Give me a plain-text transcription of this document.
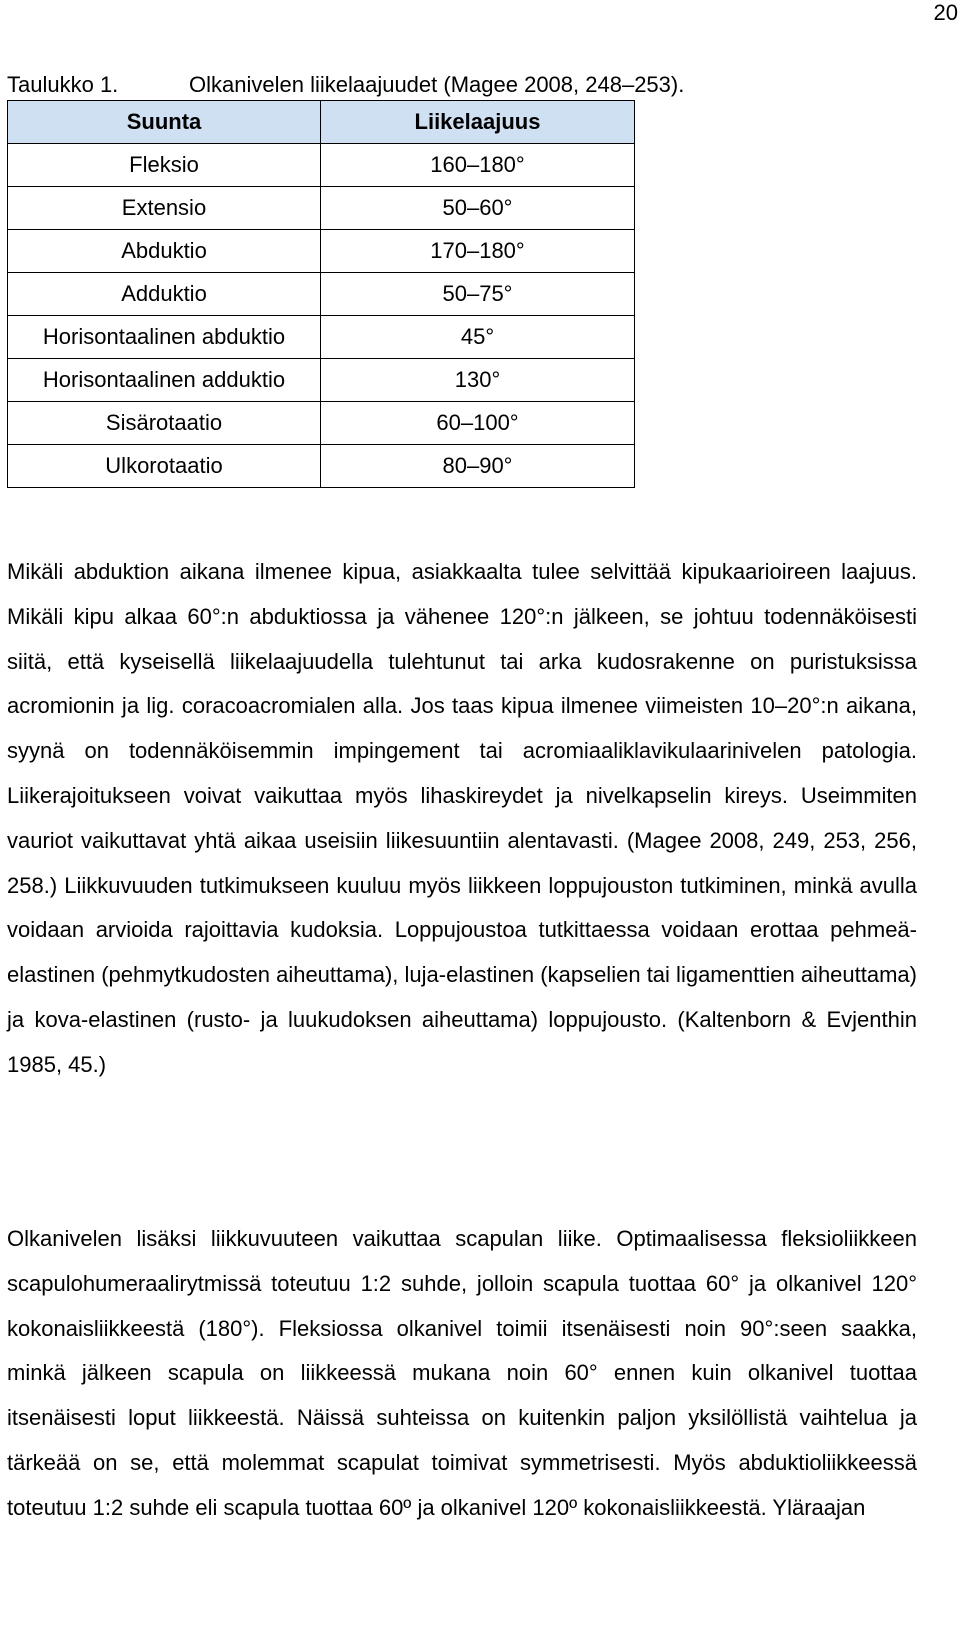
20
Taulukko 1.	Olkanivelen liikelaajuudet (Magee 2008, 248–253).
Suunta	Liikelaajuus
Fleksio	160–180°
Extensio	50–60°
Abduktio	170–180°
Adduktio	50–75°
Horisontaalinen abduktio	45°
Horisontaalinen adduktio	130°
Sisärotaatio	60–100°
Ulkorotaatio	80–90°

Mikäli abduktion aikana ilmenee kipua, asiakkaalta tulee selvittää kipukaarioireen laajuus. Mikäli kipu alkaa 60°:n abduktiossa ja vähenee 120°:n jälkeen, se johtuu todennäköisesti siitä, että kyseisellä liikelaajuudella tulehtunut tai arka kudosrakenne on puristuksissa acromionin ja lig. coracoacromialen alla. Jos taas kipua ilmenee viimeisten 10–20°:n aikana, syynä on todennäköisemmin impingement tai acromiaaliklavikulaarinivelen patologia. Liikerajoitukseen voivat vaikuttaa myös lihaskireydet ja nivelkapselin kireys. Useimmiten vauriot vaikuttavat yhtä aikaa useisiin liikesuuntiin alentavasti. (Magee 2008, 249, 253, 256, 258.) Liikkuvuuden tutkimukseen kuuluu myös liikkeen loppujouston tutkiminen, minkä avulla voidaan arvioida rajoittavia kudoksia. Loppujoustoa tutkittaessa voidaan erottaa pehmeä-elastinen (pehmytkudosten aiheuttama), luja-elastinen (kapselien tai ligamenttien aiheuttama) ja kova-elastinen (rusto- ja luukudoksen aiheuttama) loppujousto. (Kaltenborn & Evjenthin 1985, 45.)

Olkanivelen lisäksi liikkuvuuteen vaikuttaa scapulan liike. Optimaalisessa fleksioliikkeen scapulohumeraalirytmissä toteutuu 1:2 suhde, jolloin scapula tuottaa 60° ja olkanivel 120° kokonaisliikkeestä (180°). Fleksiossa olkanivel toimii itsenäisesti noin 90°:seen saakka, minkä jälkeen scapula on liikkeessä mukana noin 60° ennen kuin olkanivel tuottaa itsenäisesti loput liikkeestä. Näissä suhteissa on kuitenkin paljon yksilöllistä vaihtelua ja tärkeää on se, että molemmat scapulat toimivat symmetrisesti. Myös abduktioliikkeessä toteutuu 1:2 suhde eli scapula tuottaa 60º ja olkanivel 120º kokonaisliikkeestä. Yläraajan
